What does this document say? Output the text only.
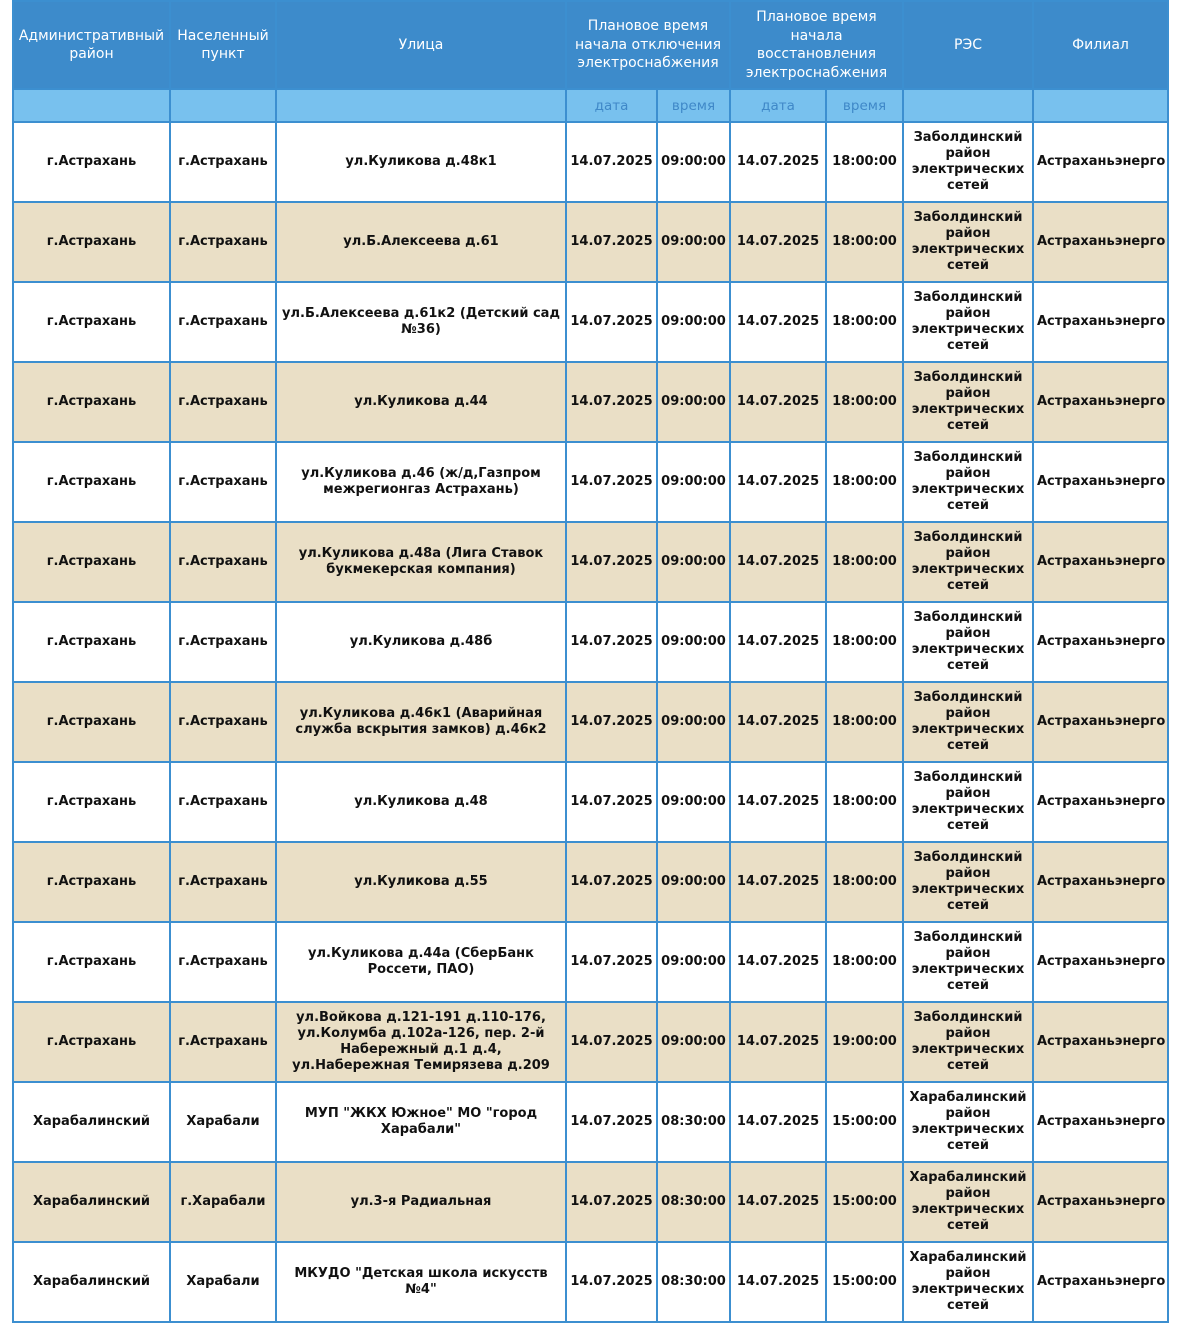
Административный район	Населенный пункт	Улица	Плановое время начала отключения электроснабжения		Плановое время начала восстановления электроснабжения		РЭС	Филиал
			дата	время	дата	время		
г.Астрахань	г.Астрахань	ул.Куликова д.48к1	14.07.2025	09:00:00	14.07.2025	18:00:00	Заболдинский район электрических сетей	Астраханьэнерго
г.Астрахань	г.Астрахань	ул.Б.Алексеева д.61	14.07.2025	09:00:00	14.07.2025	18:00:00	Заболдинский район электрических сетей	Астраханьэнерго
г.Астрахань	г.Астрахань	ул.Б.Алексеева д.61к2 (Детский сад №36)	14.07.2025	09:00:00	14.07.2025	18:00:00	Заболдинский район электрических сетей	Астраханьэнерго
г.Астрахань	г.Астрахань	ул.Куликова д.44	14.07.2025	09:00:00	14.07.2025	18:00:00	Заболдинский район электрических сетей	Астраханьэнерго
г.Астрахань	г.Астрахань	ул.Куликова д.46 (ж/д,Газпром межрегионгаз Астрахань)	14.07.2025	09:00:00	14.07.2025	18:00:00	Заболдинский район электрических сетей	Астраханьэнерго
г.Астрахань	г.Астрахань	ул.Куликова д.48а (Лига Ставок букмекерская компания)	14.07.2025	09:00:00	14.07.2025	18:00:00	Заболдинский район электрических сетей	Астраханьэнерго
г.Астрахань	г.Астрахань	ул.Куликова д.48б	14.07.2025	09:00:00	14.07.2025	18:00:00	Заболдинский район электрических сетей	Астраханьэнерго
г.Астрахань	г.Астрахань	ул.Куликова д.46к1 (Аварийная служба вскрытия замков) д.46к2	14.07.2025	09:00:00	14.07.2025	18:00:00	Заболдинский район электрических сетей	Астраханьэнерго
г.Астрахань	г.Астрахань	ул.Куликова д.48	14.07.2025	09:00:00	14.07.2025	18:00:00	Заболдинский район электрических сетей	Астраханьэнерго
г.Астрахань	г.Астрахань	ул.Куликова д.55	14.07.2025	09:00:00	14.07.2025	18:00:00	Заболдинский район электрических сетей	Астраханьэнерго
г.Астрахань	г.Астрахань	ул.Куликова д.44а (СберБанк Россети, ПАО)	14.07.2025	09:00:00	14.07.2025	18:00:00	Заболдинский район электрических сетей	Астраханьэнерго
г.Астрахань	г.Астрахань	ул.Войкова д.121-191 д.110-176, ул.Колумба д.102а-126, пер. 2-й Набережный д.1 д.4, ул.Набережная Темирязева д.209	14.07.2025	09:00:00	14.07.2025	19:00:00	Заболдинский район электрических сетей	Астраханьэнерго
Харабалинский	Харабали	МУП "ЖКХ Южное" МО "город Харабали"	14.07.2025	08:30:00	14.07.2025	15:00:00	Харабалинский район электрических сетей	Астраханьэнерго
Харабалинский	г.Харабали	ул.3-я Радиальная	14.07.2025	08:30:00	14.07.2025	15:00:00	Харабалинский район электрических сетей	Астраханьэнерго
Харабалинский	Харабали	МКУДО "Детская школа искусств №4"	14.07.2025	08:30:00	14.07.2025	15:00:00	Харабалинский район электрических сетей	Астраханьэнерго
